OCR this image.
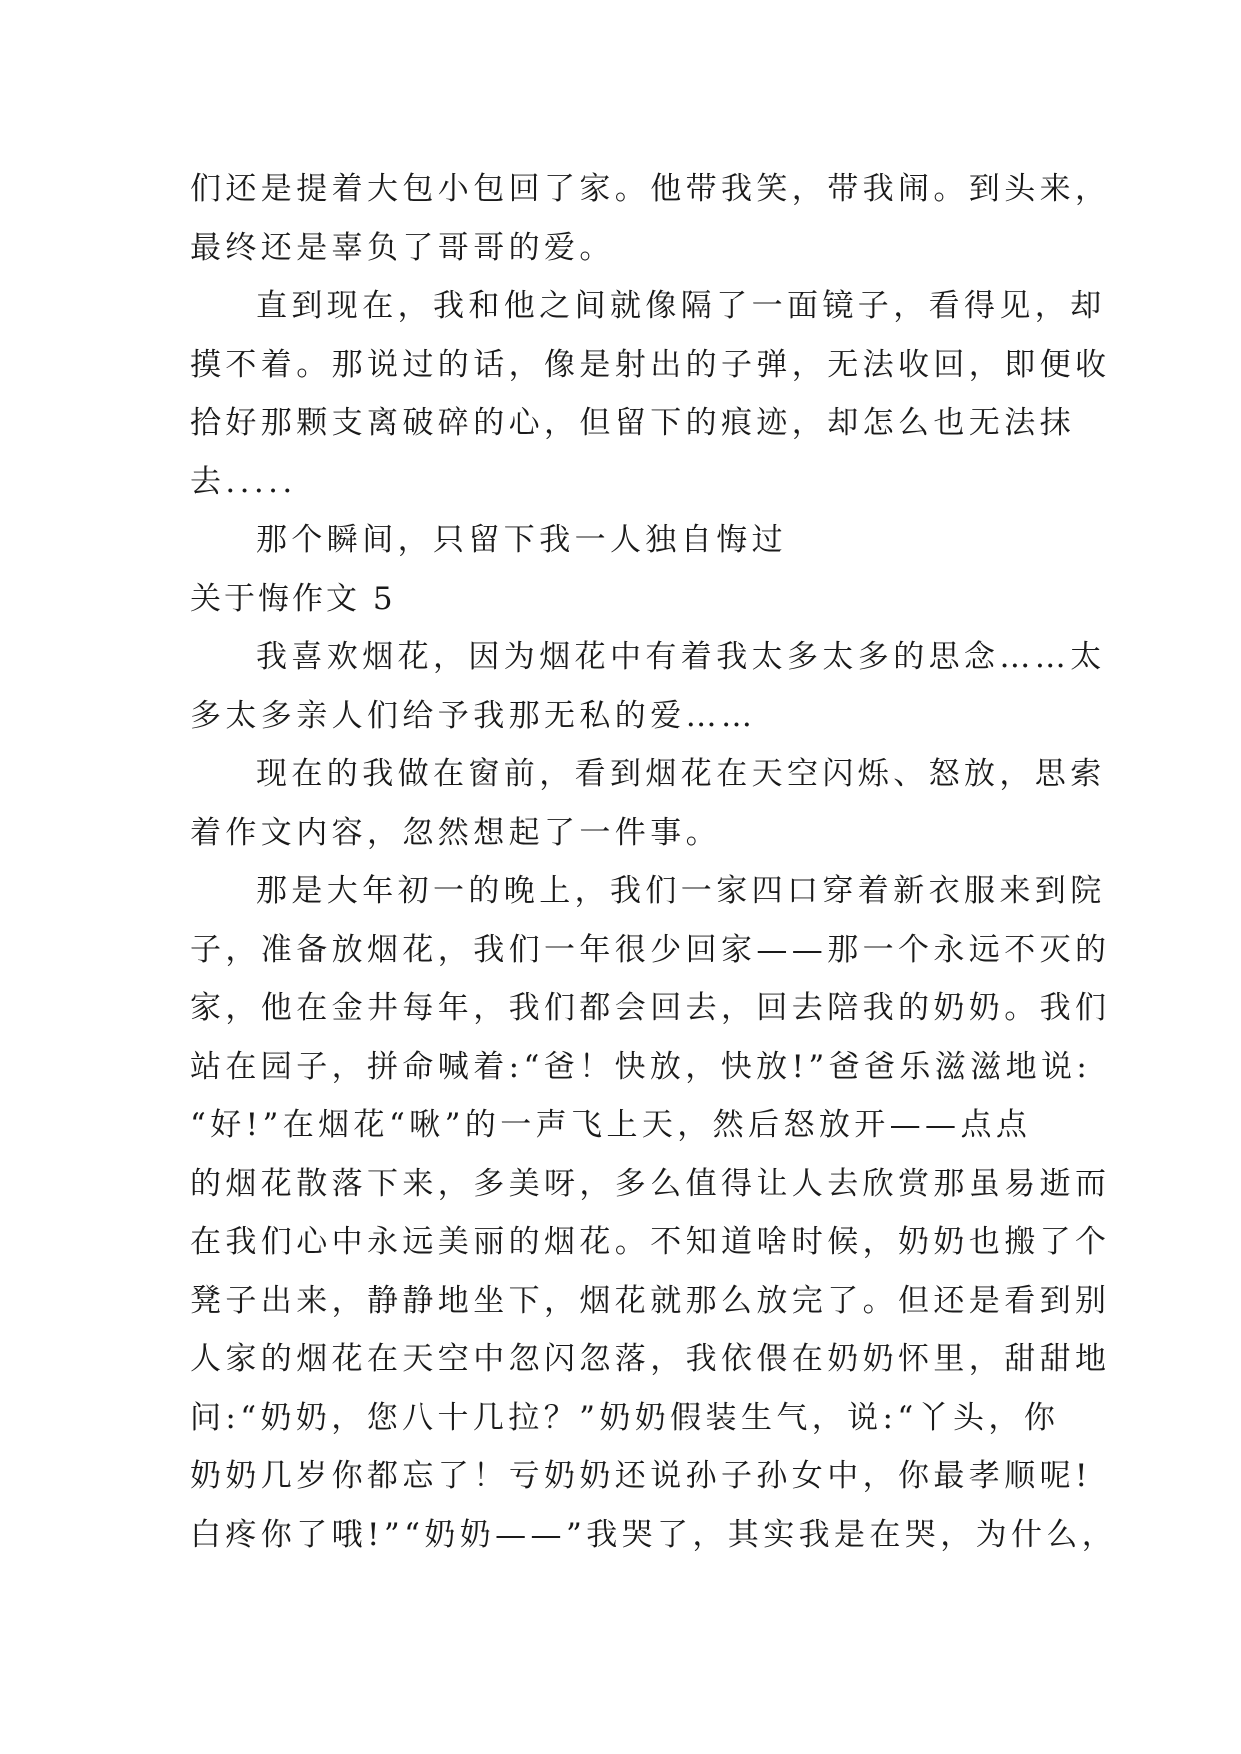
们还是提着大包小包回了家。他带我笑，带我闹。到头来，
最终还是辜负了哥哥的爱。
直到现在，我和他之间就像隔了一面镜子，看得见，却
摸不着。那说过的话，像是射出的子弹，无法收回，即便收
拾好那颗支离破碎的心，但留下的痕迹，却怎么也无法抹
去.....
那个瞬间，只留下我一人独自悔过
关于悔作文 5
我喜欢烟花，因为烟花中有着我太多太多的思念……太
多太多亲人们给予我那无私的爱……
现在的我做在窗前，看到烟花在天空闪烁、怒放，思索
着作文内容，忽然想起了一件事。
那是大年初一的晚上，我们一家四口穿着新衣服来到院
子，准备放烟花，我们一年很少回家——那一个永远不灭的
家，他在金井每年，我们都会回去，回去陪我的奶奶。我们
站在园子，拼命喊着:“爸！快放，快放!”爸爸乐滋滋地说:
“好!”在烟花“啾”的一声飞上天，然后怒放开——点点
的烟花散落下来，多美呀，多么值得让人去欣赏那虽易逝而
在我们心中永远美丽的烟花。不知道啥时候，奶奶也搬了个
凳子出来，静静地坐下，烟花就那么放完了。但还是看到别
人家的烟花在天空中忽闪忽落，我依偎在奶奶怀里，甜甜地
问:“奶奶，您八十几拉？”奶奶假装生气，说:“丫头，你
奶奶几岁你都忘了！亏奶奶还说孙子孙女中，你最孝顺呢!
白疼你了哦!”“奶奶——”我哭了，其实我是在哭，为什么，
